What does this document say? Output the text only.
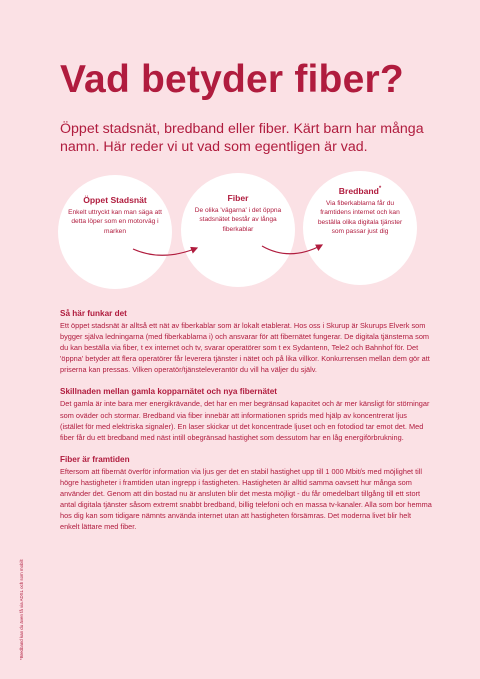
Vad betyder fiber?

Öppet stadsnät, bredband eller fiber. Kärt barn har många namn. Här reder vi ut vad som egentligen är vad.

Öppet Stadsnät
Enkelt uttryckt kan man säga att detta löper som en motorväg i marken
Fiber
De olika 'vägarna' i det öppna stadsnätet består av långa fiberkablar
Bredband*
Via fiberkablarna får du framtidens internet och kan beställa olika digitala tjänster som passar just dig
Så här funkar det

Ett öppet stadsnät är alltså ett nät av fiberkablar som är lokalt etablerat. Hos oss i Skurup är Skurups Elverk som bygger själva ledningarna (med fiberkablarna i) och ansvarar för att fibernätet fungerar. De digitala tjänsterna som du kan beställa via fiber, t ex internet och tv, svarar operatörer som t ex Sydantenn, Tele2 och Bahnhof för. Det 'öppna' betyder att flera operatörer får leverera tjänster i nätet och på lika villkor. Konkurrensen mellan dem gör att priserna kan pressas. Vilken operatör/tjänsteleverantör du vill ha väljer du själv.

Skillnaden mellan gamla kopparnätet och nya fibernätet

Det gamla är inte bara mer energikrävande, det har en mer begränsad kapacitet och är mer känsligt för störningar som oväder och stormar. Bredband via fiber innebär att informationen sprids med hjälp av koncentrerat ljus (istället för med elektriska signaler). En laser skickar ut det koncentrade ljuset och en fotodiod tar emot det. Med fiber får du ett bredband med näst intill obegränsad hastighet som dessutom har en låg energiförbrukning.

Fiber är framtiden

Eftersom att fibernät överför information via ljus ger det en stabil hastighet upp till 1 000 Mbit/s med möjlighet till högre hastigheter i framtiden utan ingrepp i fastigheten. Hastigheten är alltid samma oavsett hur många som använder det. Genom att din bostad nu är ansluten blir det mesta möjligt - du får omedelbart tillgång till ett stort antal digitala tjänster såsom extremt snabbt bredband, billig telefoni och en massa tv-kanaler. Alla som bor hemma hos dig kan som tidigare nämnts använda internet utan att hastigheten försämras. Det moderna livet blir helt enkelt lättare med fiber.

*Bredband kan du även få via ADSL och som mobilt
